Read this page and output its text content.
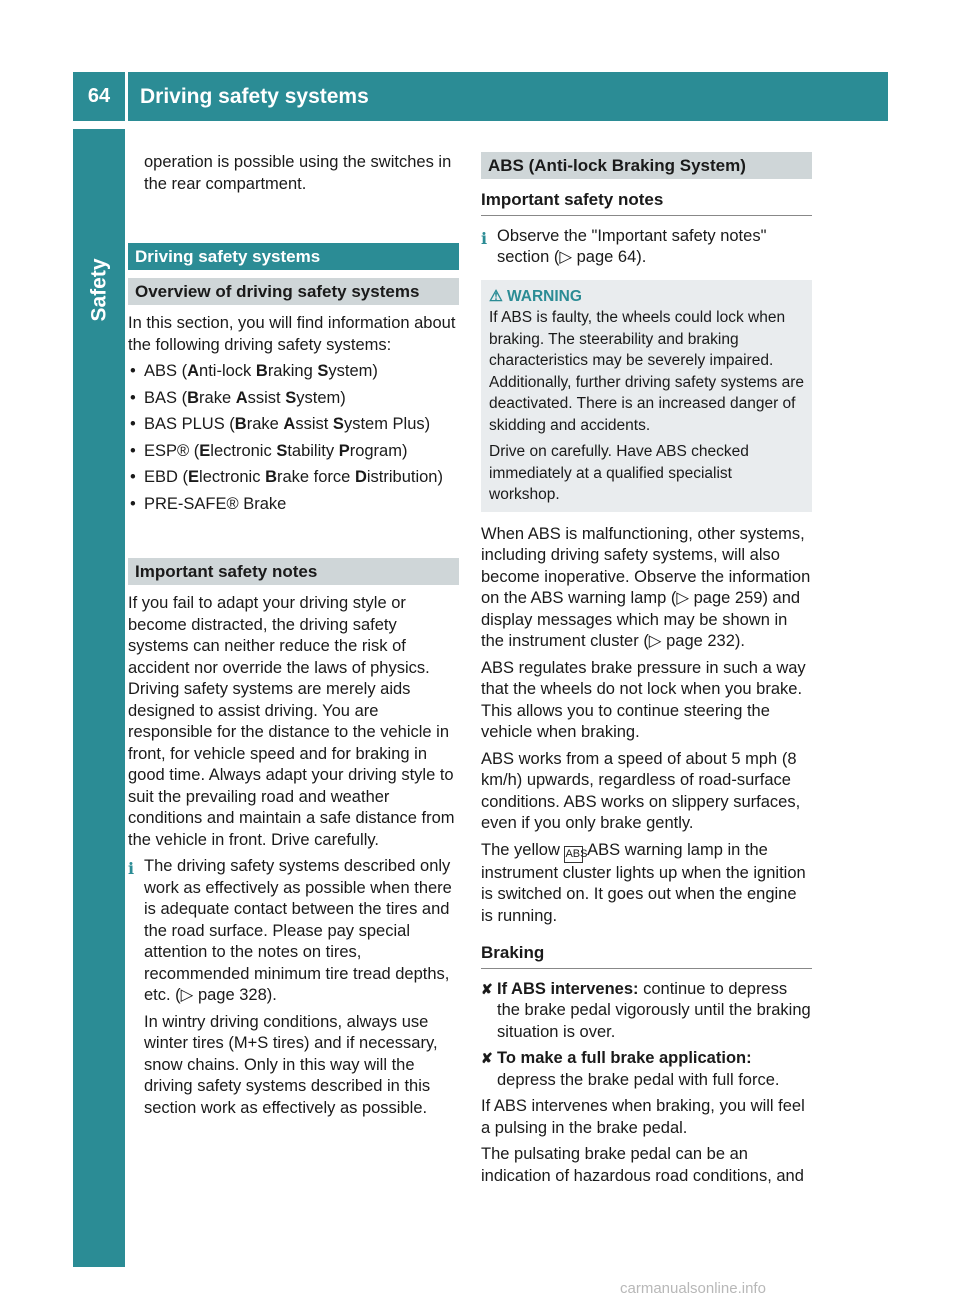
64	Driving safety systems
Safety

operation is possible using the switches in the rear compartment.

Driving safety systems
Overview of driving safety systems

In this section, you will find information about the following driving safety systems:

• ABS (Anti-lock Braking System)
• BAS (Brake Assist System)
• BAS PLUS (Brake Assist System Plus)
• ESP® (Electronic Stability Program)
• EBD (Electronic Brake force Distribution)
• PRE-SAFE® Brake
Important safety notes

If you fail to adapt your driving style or become distracted, the driving safety systems can neither reduce the risk of accident nor override the laws of physics. Driving safety systems are merely aids designed to assist driving. You are responsible for the distance to the vehicle in front, for vehicle speed and for braking in good time. Always adapt your driving style to suit the prevailing road and weather conditions and maintain a safe distance from the vehicle in front. Drive carefully.

i The driving safety systems described only work as effectively as possible when there is adequate contact between the tires and the road surface. Please pay special attention to the notes on tires, recommended minimum tire tread depths, etc. (▷ page 328).

In wintry driving conditions, always use winter tires (M+S tires) and if necessary, snow chains. Only in this way will the driving safety systems described in this section work as effectively as possible.

ABS (Anti-lock Braking System)
Important safety notes
i Observe the "Important safety notes" section (▷ page 64).

⚠ WARNING

If ABS is faulty, the wheels could lock when braking. The steerability and braking characteristics may be severely impaired. Additionally, further driving safety systems are deactivated. There is an increased danger of skidding and accidents.

Drive on carefully. Have ABS checked immediately at a qualified specialist workshop.

When ABS is malfunctioning, other systems, including driving safety systems, will also become inoperative. Observe the information on the ABS warning lamp (▷ page 259) and display messages which may be shown in the instrument cluster (▷ page 232).

ABS regulates brake pressure in such a way that the wheels do not lock when you brake. This allows you to continue steering the vehicle when braking.

ABS works from a speed of about 5 mph (8 km/h) upwards, regardless of road-surface conditions. ABS works on slippery surfaces, even if you only brake gently.

The yellow ABS ABS warning lamp in the instrument cluster lights up when the ignition is switched on. It goes out when the engine is running.

Braking
✘ If ABS intervenes: continue to depress the brake pedal vigorously until the braking situation is over.

✘ To make a full brake application:

depress the brake pedal with full force.

If ABS intervenes when braking, you will feel a pulsing in the brake pedal.

The pulsating brake pedal can be an indication of hazardous road conditions, and

carmanualsonline.info
